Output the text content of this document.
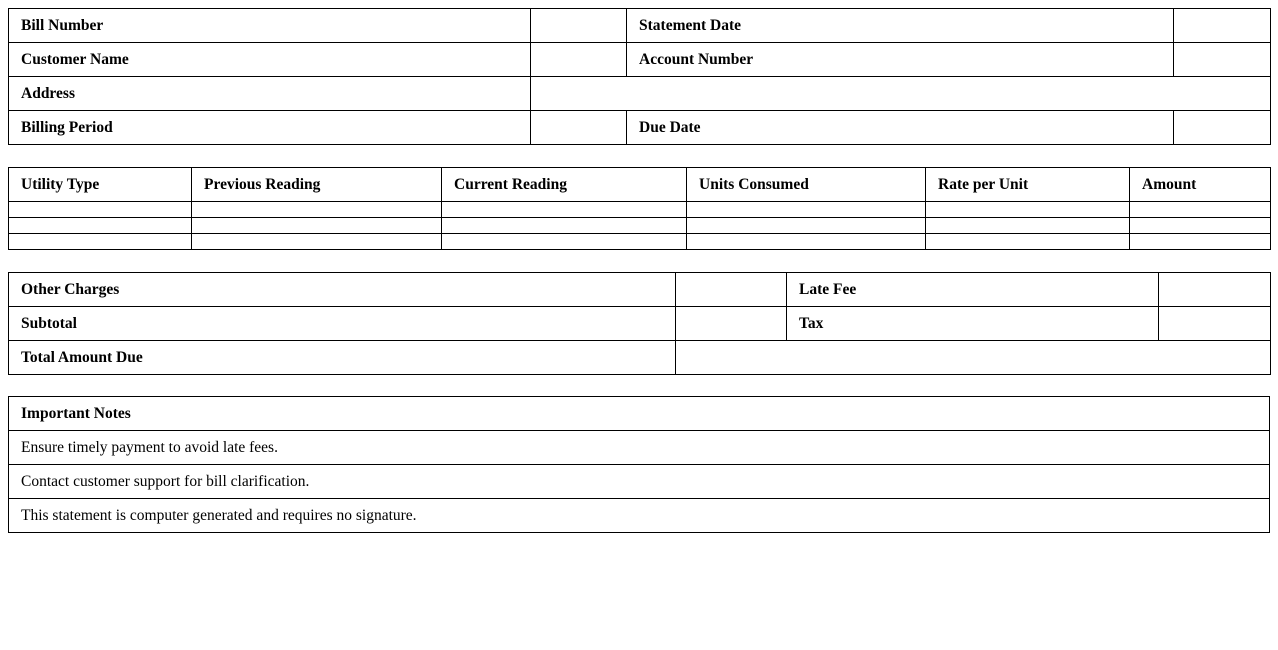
Bill Number		Statement Date	
Customer Name		Account Number	
Address			
Billing Period		Due Date	
Utility Type	Previous Reading	Current Reading	Units Consumed	Rate per Unit	Amount

Other Charges		Late Fee	
Subtotal		Tax	
Total Amount Due			
Important Notes
Ensure timely payment to avoid late fees.
Contact customer support for bill clarification.
This statement is computer generated and requires no signature.
